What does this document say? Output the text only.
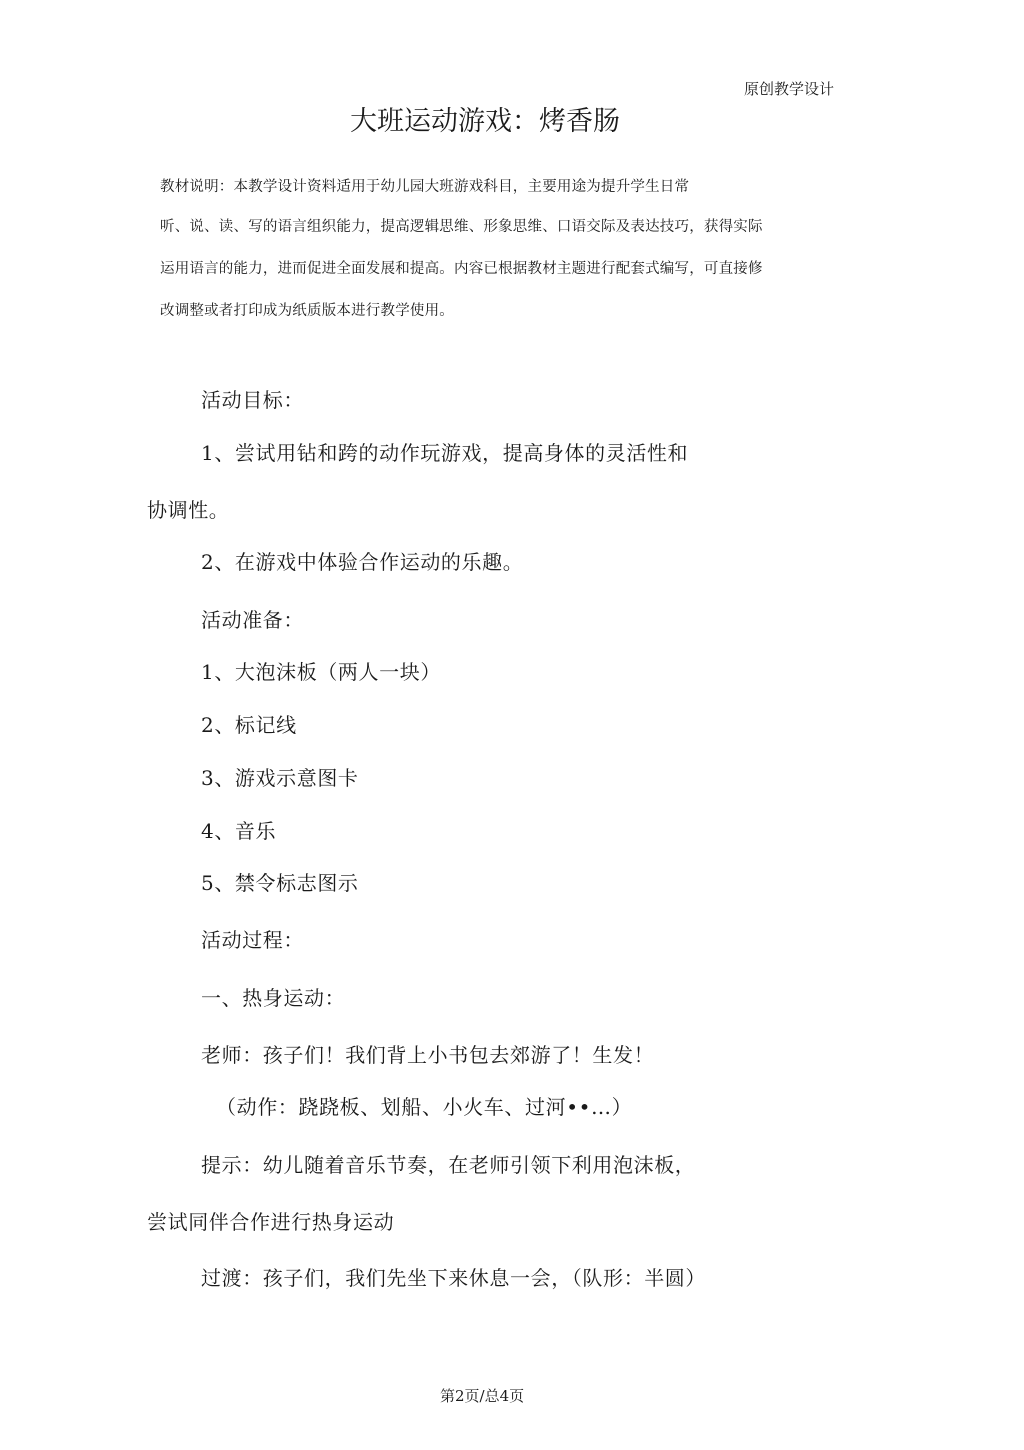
原创教学设计
大班运动游戏：烤香肠
教材说明：本教学设计资料适用于幼儿园大班游戏科目，主要用途为提升学生日常
听、说、读、写的语言组织能力，提高逻辑思维、形象思维、口语交际及表达技巧，获得实际
运用语言的能力，进而促进全面发展和提高。内容已根据教材主题进行配套式编写，可直接修
改调整或者打印成为纸质版本进行教学使用。
活动目标：
1、尝试用钻和跨的动作玩游戏，提高身体的灵活性和
协调性。
2、在游戏中体验合作运动的乐趣。
活动准备：
1、大泡沫板（两人一块）
2、标记线
3、游戏示意图卡
4、音乐
5、禁令标志图示
活动过程：
一、热身运动：
老师：孩子们！我们背上小书包去郊游了！生发！
（动作：跷跷板、划船、小火车、过河••…）
提示：幼儿随着音乐节奏，在老师引领下利用泡沫板，
尝试同伴合作进行热身运动
过渡：孩子们，我们先坐下来休息一会，（队形：半圆）
第2页/总4页
